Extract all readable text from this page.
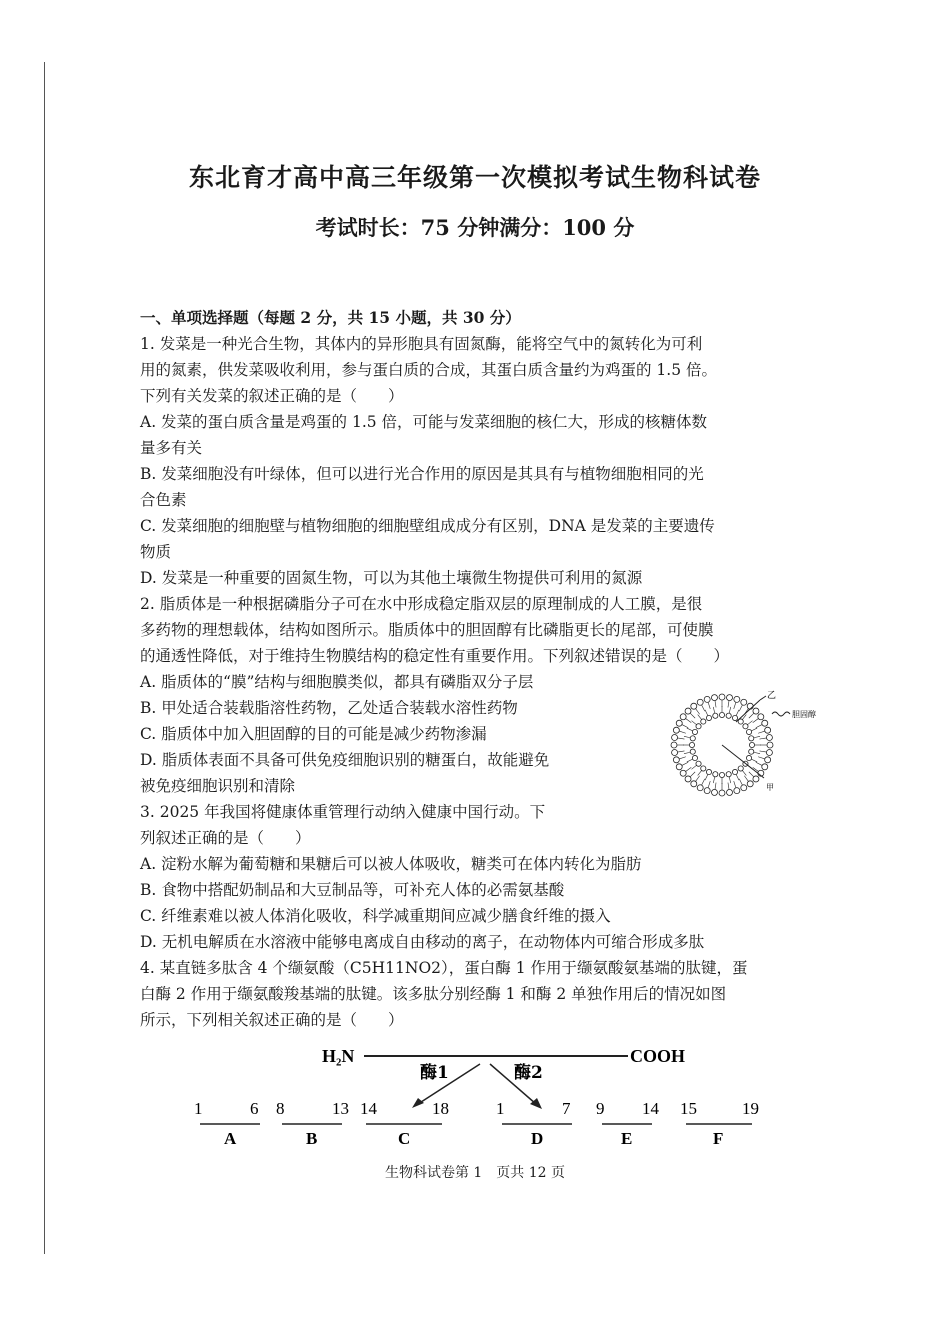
东北育才高中高三年级第一次模拟考试生物科试卷
考试时长：75 分钟满分：100 分

一、单项选择题（每题 2 分，共 15 小题，共 30 分）

1. 发菜是一种光合生物，其体内的异形胞具有固氮酶，能将空气中的氮转化为可利

用的氮素，供发菜吸收利用，参与蛋白质的合成，其蛋白质含量约为鸡蛋的 1.5 倍。

下列有关发菜的叙述正确的是（　　）

A. 发菜的蛋白质含量是鸡蛋的 1.5 倍，可能与发菜细胞的核仁大，形成的核糖体数

量多有关

B. 发菜细胞没有叶绿体，但可以进行光合作用的原因是其具有与植物细胞相同的光

合色素

C. 发菜细胞的细胞壁与植物细胞的细胞壁组成成分有区别，DNA 是发菜的主要遗传

物质

D. 发菜是一种重要的固氮生物，可以为其他土壤微生物提供可利用的氮源

2. 脂质体是一种根据磷脂分子可在水中形成稳定脂双层的原理制成的人工膜，是很

多药物的理想载体，结构如图所示。脂质体中的胆固醇有比磷脂更长的尾部，可使膜

的通透性降低，对于维持生物膜结构的稳定性有重要作用。下列叙述错误的是（　　）

A. 脂质体的“膜”结构与细胞膜类似，都具有磷脂双分子层

B. 甲处适合装载脂溶性药物，乙处适合装载水溶性药物

C. 脂质体中加入胆固醇的目的可能是减少药物渗漏

D. 脂质体表面不具备可供免疫细胞识别的糖蛋白，故能避免

被免疫细胞识别和清除

3. 2025 年我国将健康体重管理行动纳入健康中国行动。下

列叙述正确的是（　　）

A. 淀粉水解为葡萄糖和果糖后可以被人体吸收，糖类可在体内转化为脂肪

B. 食物中搭配奶制品和大豆制品等，可补充人体的必需氨基酸

C. 纤维素难以被人体消化吸收，科学减重期间应减少膳食纤维的摄入

D. 无机电解质在水溶液中能够电离成自由移动的离子，在动物体内可缩合形成多肽

4. 某直链多肽含 4 个缬氨酸（C5H11NO2），蛋白酶 1 作用于缬氨酸氨基端的肽键，蛋

白酶 2 作用于缬氨酸羧基端的肽键。该多肽分别经酶 1 和酶 2 单独作用后的情况如图

所示，下列相关叙述正确的是（　　）

乙
胆固醇
甲
H₂N	COOH
酶1	酶2
1	6
A
8	13
B
14	18
C
1	7
D
9 14
E
15	19
F
生物科试卷第 1　页共 12 页
